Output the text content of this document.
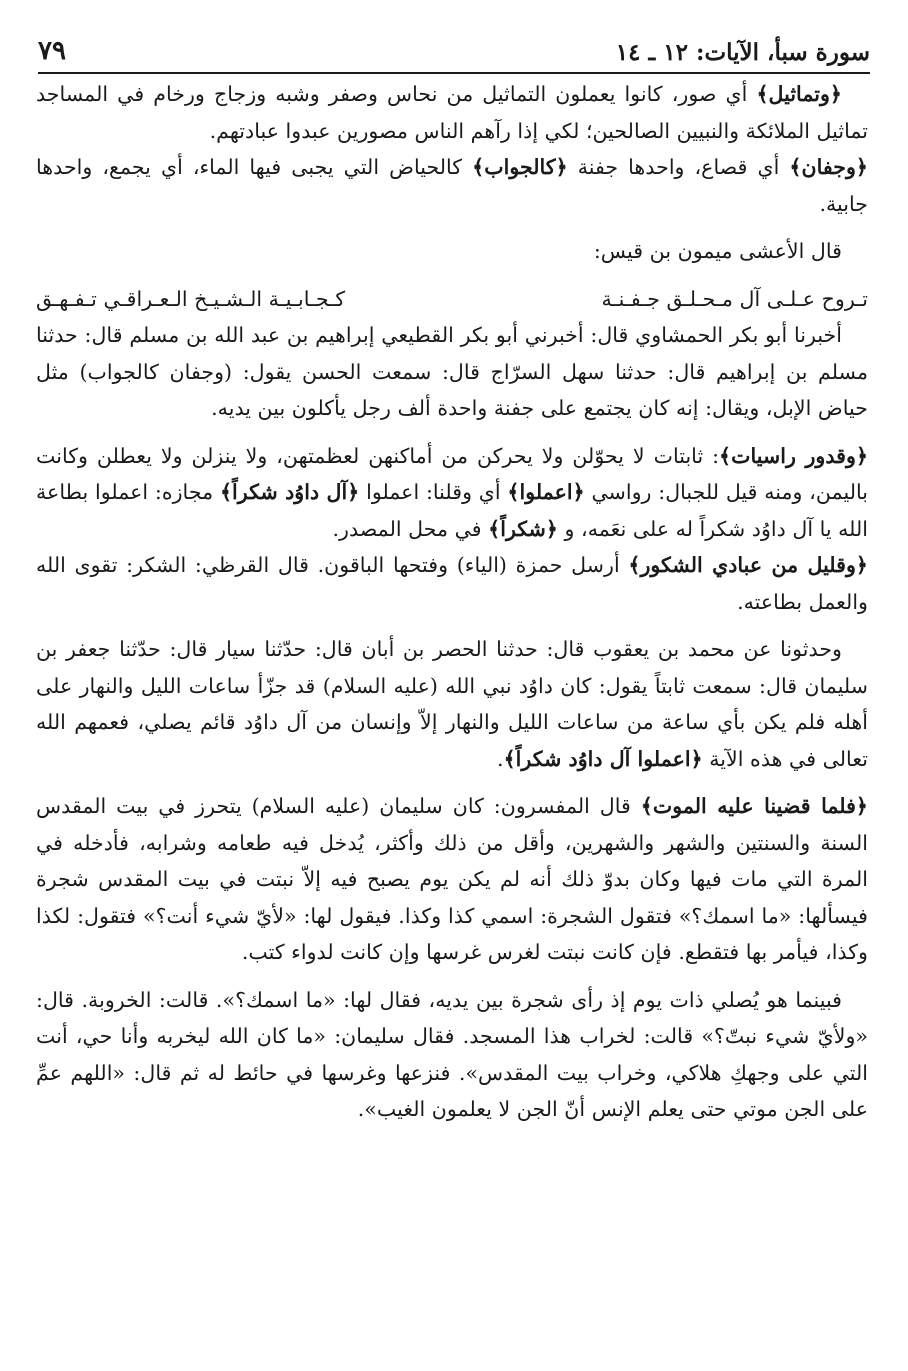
سورة سبأ، الآيات: ١٢ ـ ١٤
٧٩

﴿وتماثيل﴾ أي صور، كانوا يعملون التماثيل من نحاس وصفر وشبه وزجاج ورخام في المساجد تماثيل الملائكة والنبيين الصالحين؛ لكي إذا رآهم الناس مصورين عبدوا عبادتهم.

﴿وجفان﴾ أي قصاع، واحدها جفنة ﴿كالجواب﴾ كالحياض التي يجبى فيها الماء، أي يجمع، واحدها جابية.

قال الأعشى ميمون بن قيس:

تـروح عـلـى آل مـحـلـق جـفـنـة
كـجـابـيـة الـشـيـخ الـعـراقـي تـفـهـق

أخبرنا أبو بكر الحمشاوي قال: أخبرني أبو بكر القطيعي إبراهيم بن عبد الله بن مسلم قال: حدثنا مسلم بن إبراهيم قال: حدثنا سهل السرّاج قال: سمعت الحسن يقول: (وجفان كالجواب) مثل حياض الإبل، ويقال: إنه كان يجتمع على جفنة واحدة ألف رجل يأكلون بين يديه.

﴿وقدور راسيات﴾: ثابتات لا يحوّلن ولا يحركن من أماكنهن لعظمتهن، ولا ينزلن ولا يعطلن وكانت باليمن، ومنه قيل للجبال: رواسي ﴿اعملوا﴾ أي وقلنا: اعملوا ﴿آل داوُد شكراً﴾ مجازه: اعملوا بطاعة الله يا آل داوُد شكراً له على نعَمه، و ﴿شكراً﴾ في محل المصدر.

﴿وقليل من عبادي الشكور﴾ أرسل حمزة (الياء) وفتحها الباقون. قال القرظي: الشكر: تقوى الله والعمل بطاعته.

وحدثونا عن محمد بن يعقوب قال: حدثنا الحصر بن أبان قال: حدّثنا سيار قال: حدّثنا جعفر بن سليمان قال: سمعت ثابتاً يقول: كان داوُد نبي الله (عليه السلام) قد جزّأ ساعات الليل والنهار على أهله فلم يكن بأي ساعة من ساعات الليل والنهار إلاّ وإنسان من آل داوُد قائم يصلي، فعمهم الله تعالى في هذه الآية ﴿اعملوا آل داوُد شكراً﴾.

﴿فلما قضينا عليه الموت﴾ قال المفسرون: كان سليمان (عليه السلام) يتحرز في بيت المقدس السنة والسنتين والشهر والشهرين، وأقل من ذلك وأكثر، يُدخل فيه طعامه وشرابه، فأدخله في المرة التي مات فيها وكان بدوّ ذلك أنه لم يكن يوم يصبح فيه إلاّ نبتت في بيت المقدس شجرة فيسألها: «ما اسمك؟» فتقول الشجرة: اسمي كذا وكذا. فيقول لها: «لأيّ شيء أنت؟» فتقول: لكذا وكذا، فيأمر بها فتقطع. فإن كانت نبتت لغرس غرسها وإن كانت لدواء كتب.

فبينما هو يُصلي ذات يوم إذ رأى شجرة بين يديه، فقال لها: «ما اسمك؟». قالت: الخروبة. قال: «ولأيّ شيء نبتّ؟» قالت: لخراب هذا المسجد. فقال سليمان: «ما كان الله ليخربه وأنا حي، أنت التي على وجهكِ هلاكي، وخراب بيت المقدس». فنزعها وغرسها في حائط له ثم قال: «اللهم عمِّ على الجن موتي حتى يعلم الإنس أنّ الجن لا يعلمون الغيب».
